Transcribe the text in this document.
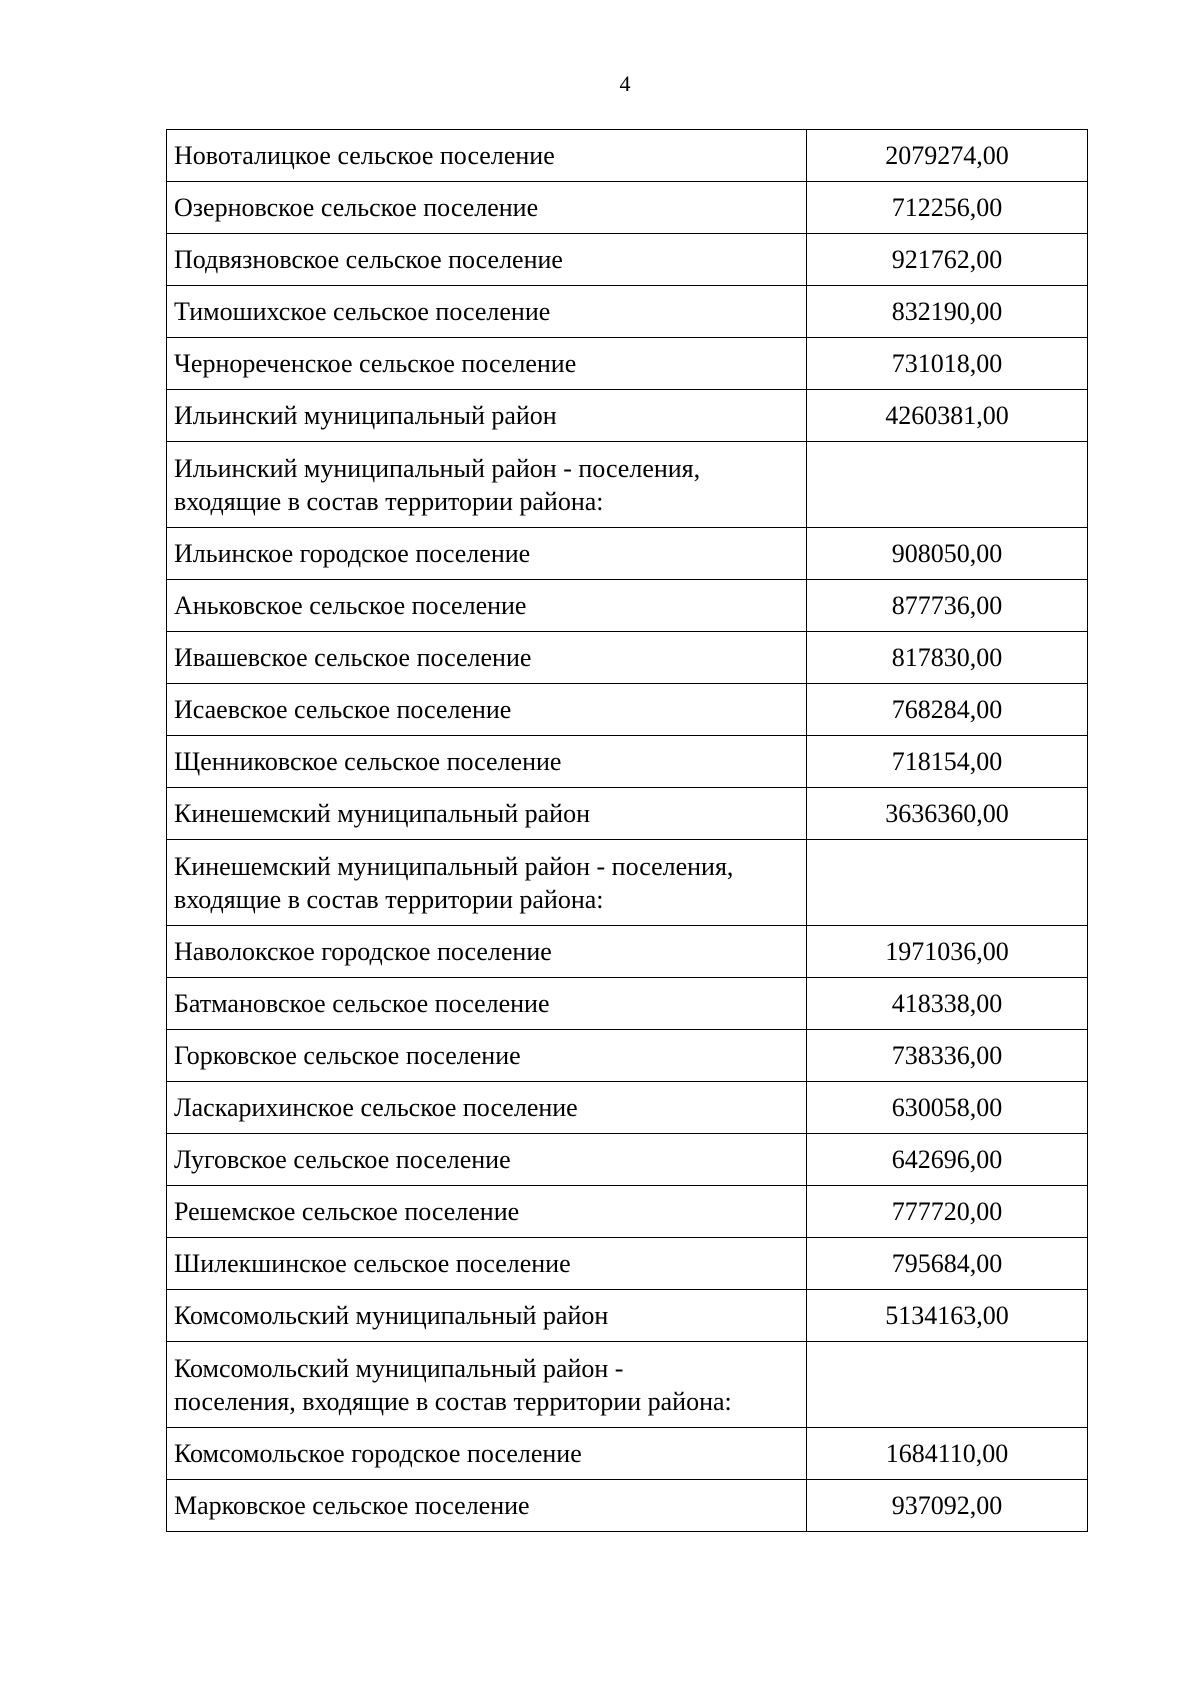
4
Новоталицкое сельское поселение	2079274,00

Озерновское сельское поселение	712256,00

Подвязновское сельское поселение	921762,00

Тимошихское сельское поселение	832190,00

Чернореченское сельское поселение	731018,00

Ильинский муниципальный район	4260381,00

Ильинский муниципальный район - поселения,
входящие в состав территории района:	

Ильинское городское поселение	908050,00

Аньковское сельское поселение	877736,00

Ивашевское сельское поселение	817830,00

Исаевское сельское поселение	768284,00

Щенниковское сельское поселение	718154,00

Кинешемский муниципальный район	3636360,00

Кинешемский муниципальный район - поселения,
входящие в состав территории района:	

Наволокское городское поселение	1971036,00

Батмановское сельское поселение	418338,00

Горковское сельское поселение	738336,00

Ласкарихинское сельское поселение	630058,00

Луговское сельское поселение	642696,00

Решемское сельское поселение	777720,00

Шилекшинское сельское поселение	795684,00

Комсомольский муниципальный район	5134163,00

Комсомольский муниципальный район -
поселения, входящие в состав территории района:	

Комсомольское городское поселение	1684110,00

Марковское сельское поселение	937092,00
